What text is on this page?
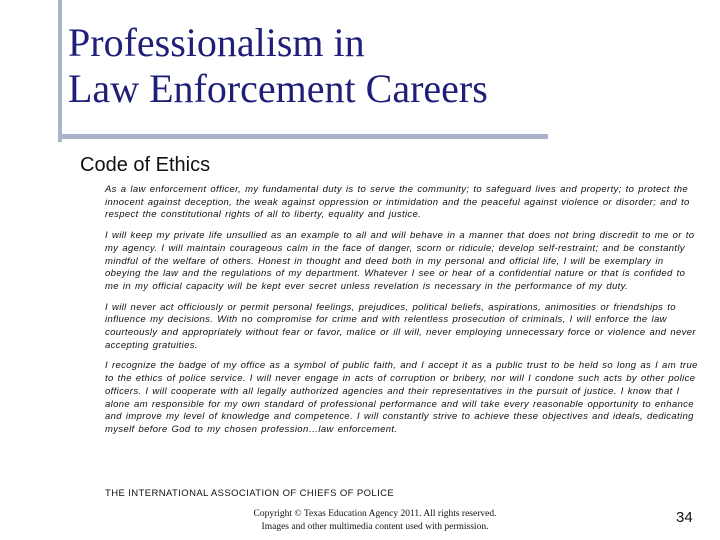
Professionalism in
Law Enforcement Careers
Code of Ethics

As a law enforcement officer, my fundamental duty is to serve the community; to safeguard lives and property; to protect the innocent against deception, the weak against oppression or intimidation and the peaceful against violence or disorder; and to respect the constitutional rights of all to liberty, equality and justice.

I will keep my private life unsullied as an example to all and will behave in a manner that does not bring discredit to me or to my agency. I will maintain courageous calm in the face of danger, scorn or ridicule; develop self-restraint; and be constantly mindful of the welfare of others. Honest in thought and deed both in my personal and official life, I will be exemplary in obeying the law and the regulations of my department. Whatever I see or hear of a confidential nature or that is confided to me in my official capacity will be kept ever secret unless revelation is necessary in the performance of my duty.

I will never act officiously or permit personal feelings, prejudices, political beliefs, aspirations, animosities or friendships to influence my decisions. With no compromise for crime and with relentless prosecution of criminals, I will enforce the law courteously and appropriately without fear or favor, malice or ill will, never employing unnecessary force or violence and never accepting gratuities.

I recognize the badge of my office as a symbol of public faith, and I accept it as a public trust to be held so long as I am true to the ethics of police service. I will never engage in acts of corruption or bribery, nor will I condone such acts by other police officers. I will cooperate with all legally authorized agencies and their representatives in the pursuit of justice. I know that I alone am responsible for my own standard of professional performance and will take every reasonable opportunity to enhance and improve my level of knowledge and competence. I will constantly strive to achieve these objectives and ideals, dedicating myself before God to my chosen profession…law enforcement.

THE INTERNATIONAL ASSOCIATION OF CHIEFS OF POLICE
Copyright © Texas Education Agency 2011. All rights reserved.
Images and other multimedia content used with permission.
34
